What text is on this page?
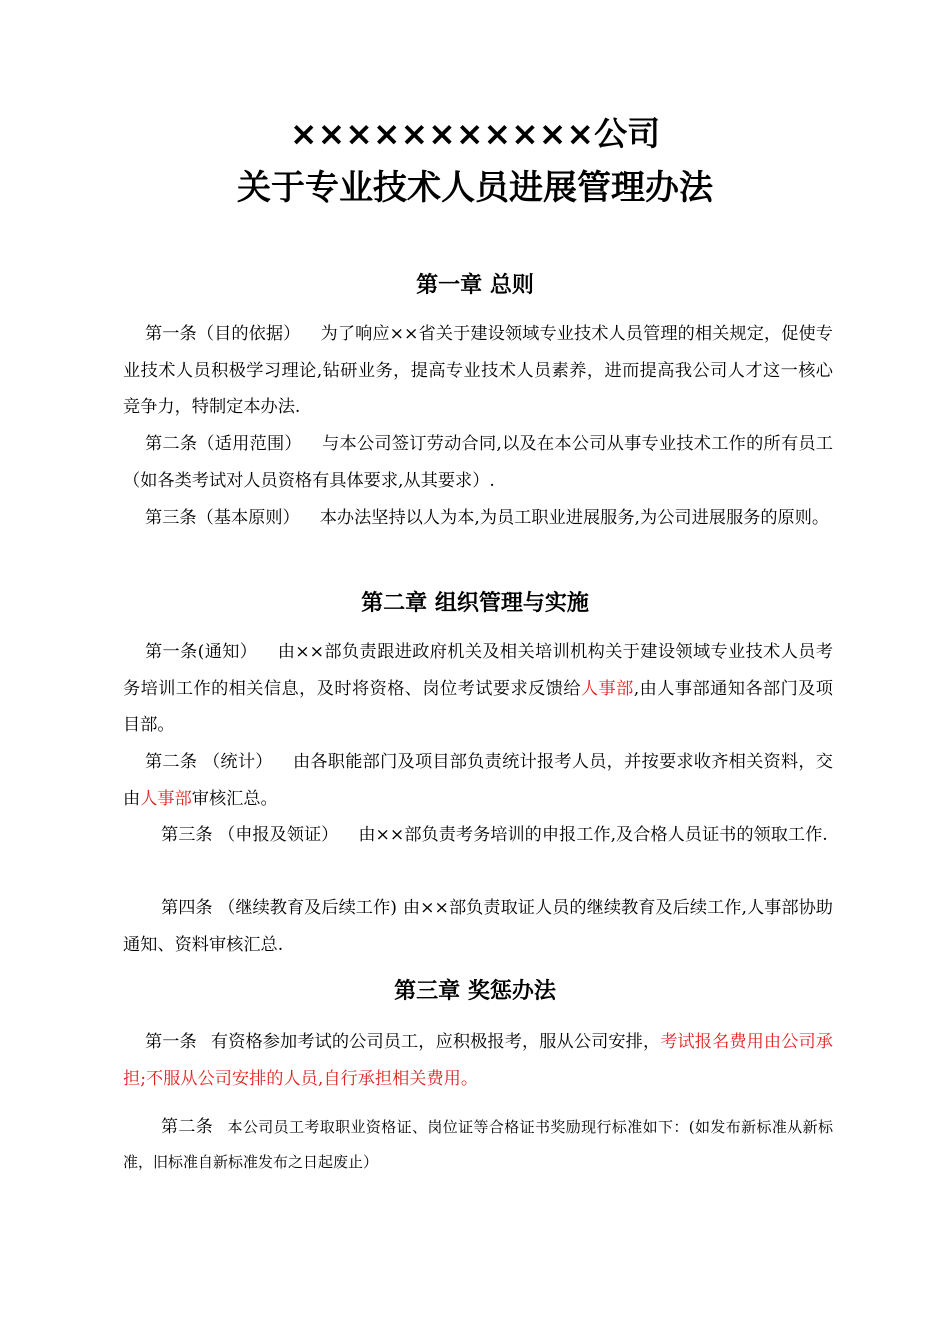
×××××××××××公司
关于专业技术人员进展管理办法
第一章 总则
第一条（目的依据） 为了响应××省关于建设领域专业技术人员管理的相关规定，促使专业技术人员积极学习理论,钻研业务，提高专业技术人员素养，进而提高我公司人才这一核心竞争力，特制定本办法.
第二条（适用范围） 与本公司签订劳动合同,以及在本公司从事专业技术工作的所有员工（如各类考试对人员资格有具体要求,从其要求）.
第三条（基本原则） 本办法坚持以人为本,为员工职业进展服务,为公司进展服务的原则。
第二章 组织管理与实施
第一条(通知） 由××部负责跟进政府机关及相关培训机构关于建设领域专业技术人员考务培训工作的相关信息，及时将资格、岗位考试要求反馈给人事部,由人事部通知各部门及项目部。
第二条 （统计） 由各职能部门及项目部负责统计报考人员，并按要求收齐相关资料，交由人事部审核汇总。
第三条 （申报及领证） 由××部负责考务培训的申报工作,及合格人员证书的领取工作.
第四条 （继续教育及后续工作) 由××部负责取证人员的继续教育及后续工作,人事部协助通知、资料审核汇总.
第三章 奖惩办法
第一条 有资格参加考试的公司员工，应积极报考，服从公司安排，考试报名费用由公司承担;不服从公司安排的人员,自行承担相关费用。
第二条 本公司员工考取职业资格证、岗位证等合格证书奖励现行标准如下：(如发布新标准从新标准，旧标准自新标准发布之日起废止）
